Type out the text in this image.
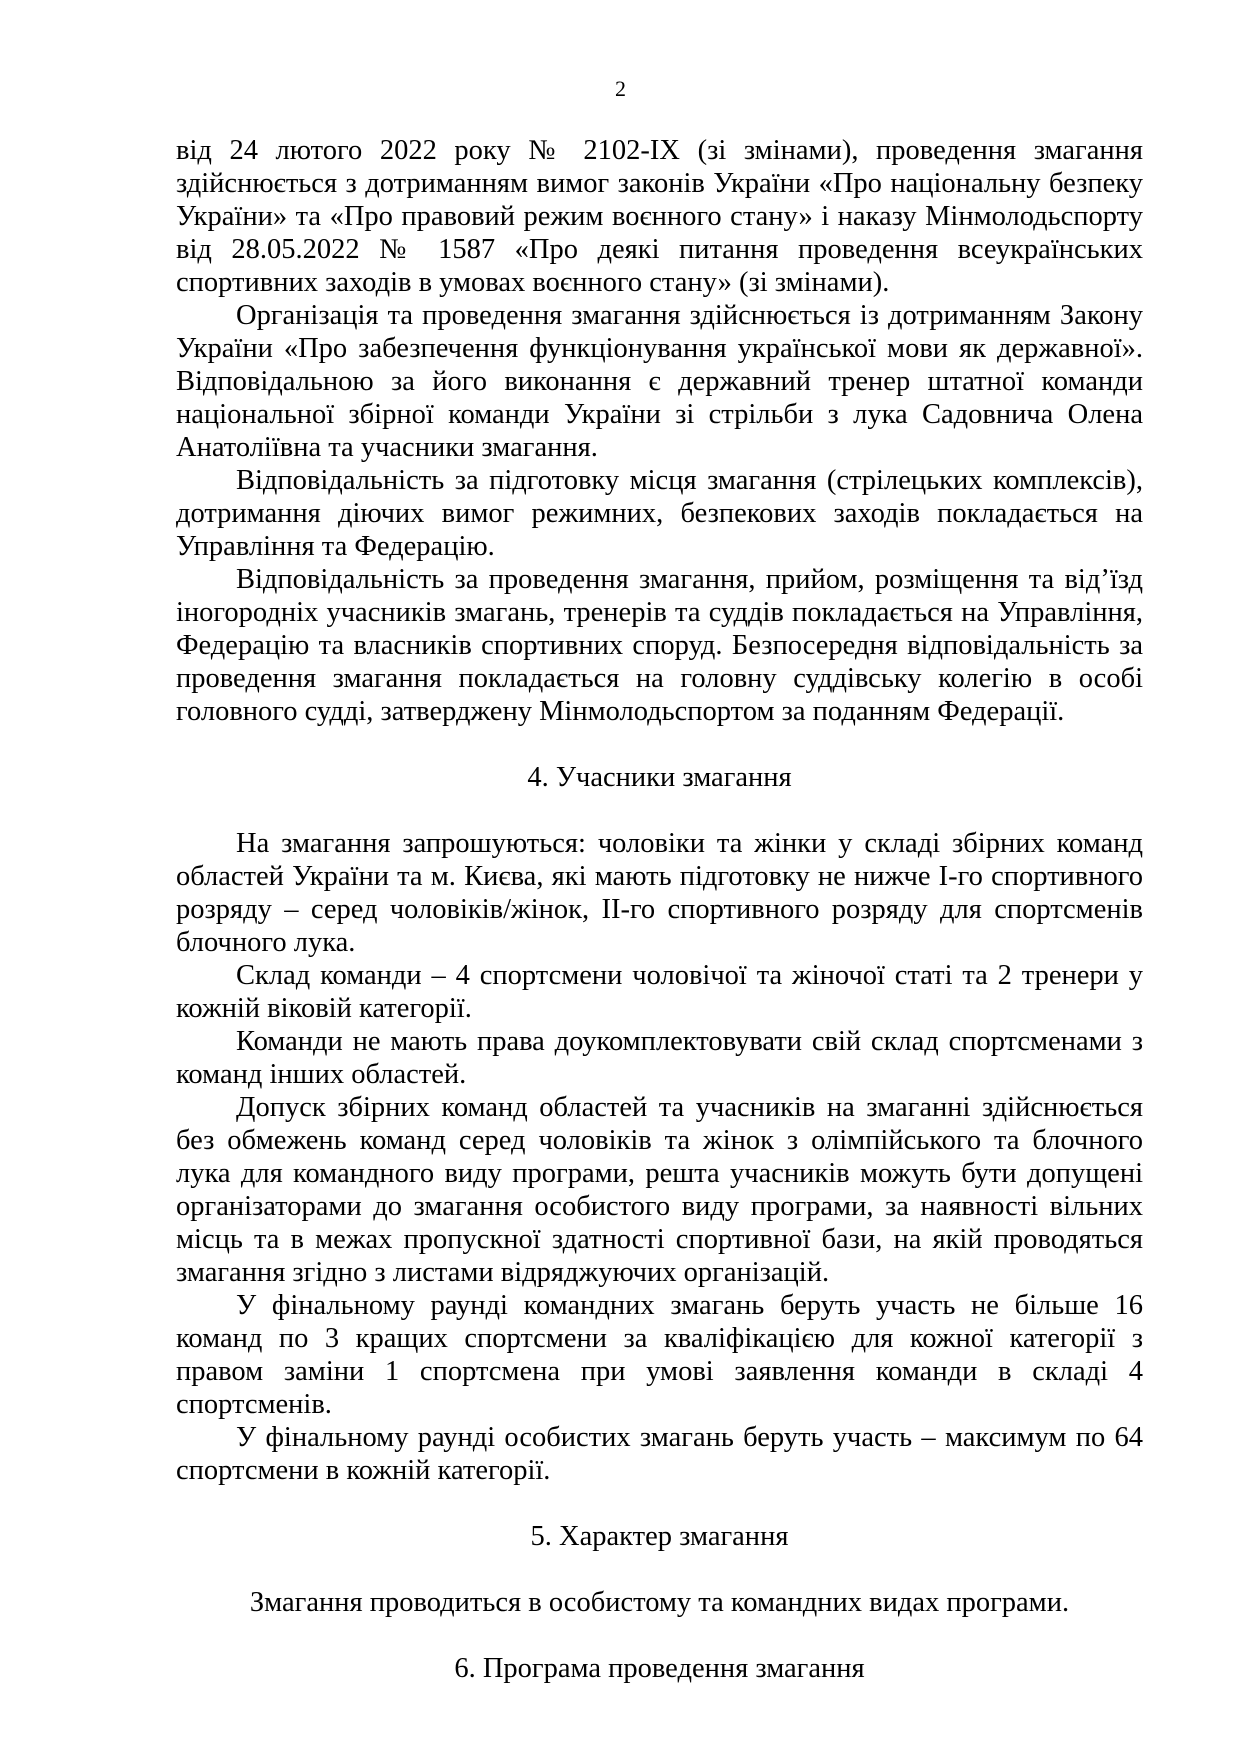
2

від 24 лютого 2022 року № 2102-IX (зі змінами), проведення змагання здійснюється з дотриманням вимог законів України «Про національну безпеку України» та «Про правовий режим воєнного стану» і наказу Мінмолодьспорту від 28.05.2022 № 1587 «Про деякі питання проведення всеукраїнських спортивних заходів в умовах воєнного стану» (зі змінами).

Організація та проведення змагання здійснюється із дотриманням Закону України «Про забезпечення функціонування української мови як державної». Відповідальною за його виконання є державний тренер штатної команди національної збірної команди України зі стрільби з лука Садовнича Олена Анатоліївна та учасники змагання.

Відповідальність за підготовку місця змагання (стрілецьких комплексів), дотримання діючих вимог режимних, безпекових заходів покладається на Управління та Федерацію.

Відповідальність за проведення змагання, прийом, розміщення та від’їзд іногородніх учасників змагань, тренерів та суддів покладається на Управління, Федерацію та власників спортивних споруд. Безпосередня відповідальність за проведення змагання покладається на головну суддівську колегію в особі головного судді, затверджену Мінмолодьспортом за поданням Федерації.

4. Учасники змагання

На змагання запрошуються: чоловіки та жінки у складі збірних команд областей України та м. Києва, які мають підготовку не нижче І-го спортивного розряду – серед чоловіків/жінок, ІІ-го спортивного розряду для спортсменів блочного лука.

Склад команди – 4 спортсмени чоловічої та жіночої статі та 2 тренери у кожній віковій категорії.

Команди не мають права доукомплектовувати свій склад спортсменами з команд інших областей.

Допуск збірних команд областей та учасників на змаганні здійснюється без обмежень команд серед чоловіків та жінок з олімпійського та блочного лука для командного виду програми, решта учасників можуть бути допущені організаторами до змагання особистого виду програми, за наявності вільних місць та в межах пропускної здатності спортивної бази, на якій проводяться змагання згідно з листами відряджуючих організацій.

У фінальному раунді командних змагань беруть участь не більше 16 команд по 3 кращих спортсмени за кваліфікацією для кожної категорії з правом заміни 1 спортсмена при умові заявлення команди в складі 4 спортсменів.

У фінальному раунді особистих змагань беруть участь – максимум по 64 спортсмени в кожній категорії.

5. Характер змагання

Змагання проводиться в особистому та командних видах програми.

6. Програма проведення змагання
